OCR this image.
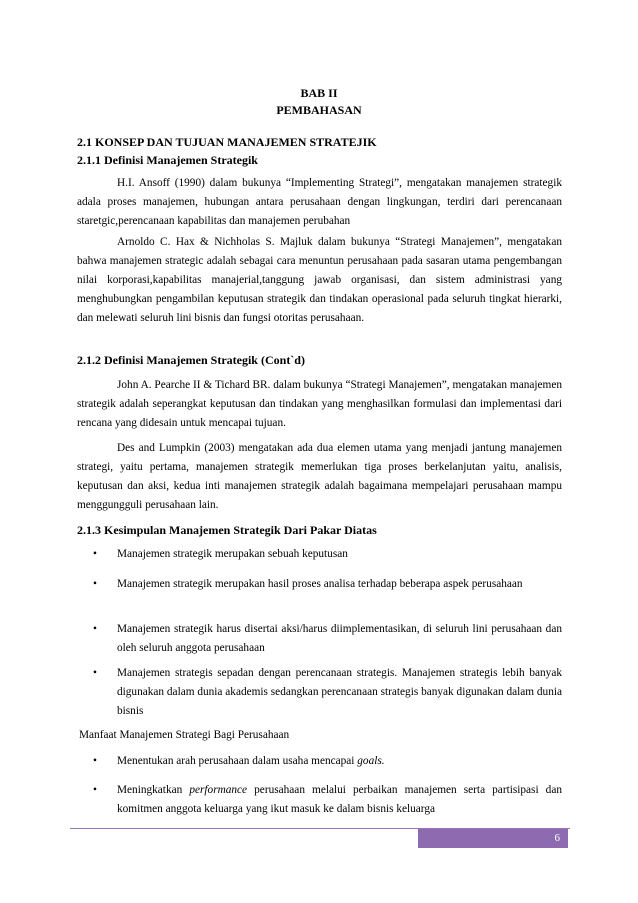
BAB II
PEMBAHASAN
2.1 KONSEP DAN TUJUAN MANAJEMEN STRATEJIK
2.1.1 Definisi Manajemen Strategik

H.I. Ansoff (1990) dalam bukunya “Implementing Strategi”, mengatakan manajemen strategik adala proses manajemen, hubungan antara perusahaan dengan lingkungan, terdiri dari perencanaan staretgic,perencanaan kapabilitas dan manajemen perubahan

Arnoldo C. Hax & Nichholas S. Majluk dalam bukunya “Strategi Manajemen”, mengatakan bahwa manajemen strategic adalah sebagai cara menuntun perusahaan pada sasaran utama pengembangan nilai korporasi,kapabilitas manajerial,tanggung jawab organisasi, dan sistem administrasi yang menghubungkan pengambilan keputusan strategik dan tindakan operasional pada seluruh tingkat hierarki, dan melewati seluruh lini bisnis dan fungsi otoritas perusahaan.

2.1.2 Definisi Manajemen Strategik (Cont`d)

John A. Pearche II & Tichard BR. dalam bukunya “Strategi Manajemen”, mengatakan manajemen strategik adalah seperangkat keputusan dan tindakan yang menghasilkan formulasi dan implementasi dari rencana yang didesain untuk mencapai tujuan.

Des and Lumpkin (2003) mengatakan ada dua elemen utama yang menjadi jantung manajemen strategi, yaitu pertama, manajemen strategik memerlukan tiga proses berkelanjutan yaitu, analisis, keputusan dan aksi, kedua inti manajemen strategik adalah bagaimana mempelajari perusahaan mampu menggungguli perusahaan lain.

2.1.3 Kesimpulan Manajemen Strategik Dari Pakar Diatas
• Manajemen strategik merupakan sebuah keputusan

• Manajemen strategik merupakan hasil proses analisa terhadap beberapa aspek perusahaan

• Manajemen strategik harus disertai aksi/harus diimplementasikan, di seluruh lini perusahaan dan oleh seluruh anggota perusahaan

• Manajemen strategis sepadan dengan perencanaan strategis. Manajemen strategis lebih banyak digunakan dalam dunia akademis sedangkan perencanaan strategis banyak digunakan dalam dunia bisnis

Manfaat Manajemen Strategi Bagi Perusahaan
• Menentukan arah perusahaan dalam usaha mencapai goals.

• Meningkatkan performance perusahaan melalui perbaikan manajemen serta partisipasi dan komitmen anggota keluarga yang ikut masuk ke dalam bisnis keluarga

6
